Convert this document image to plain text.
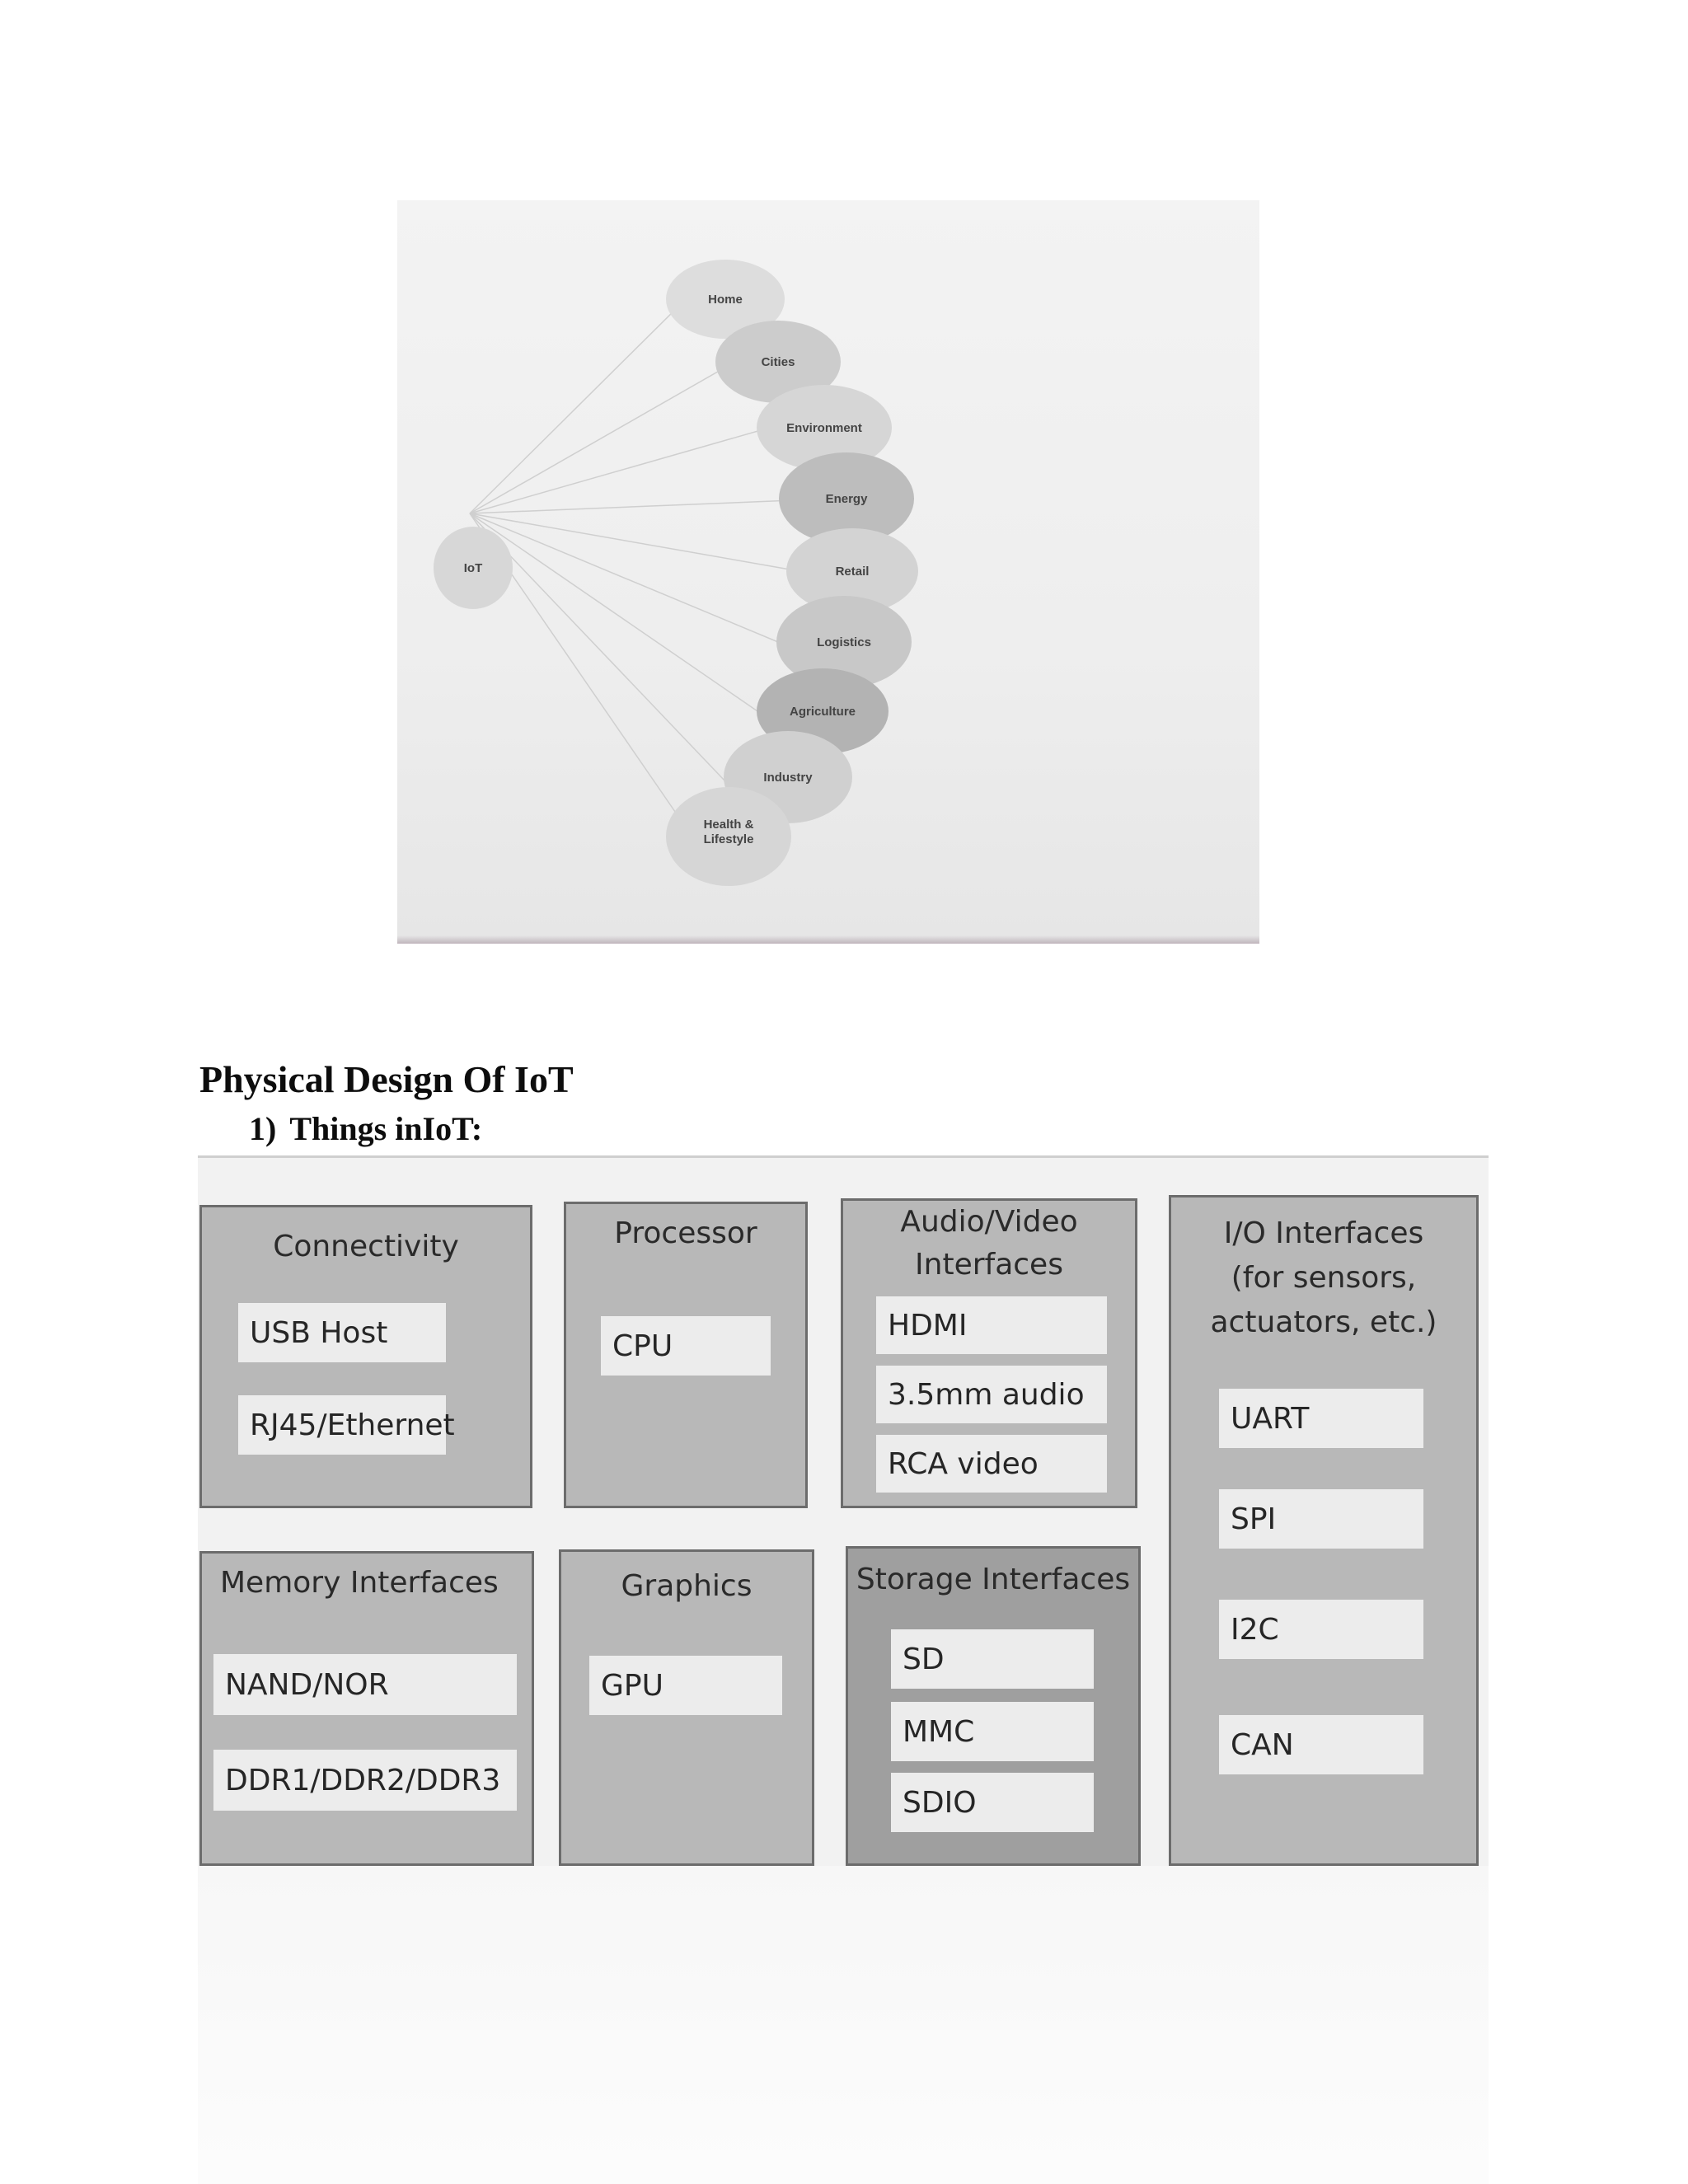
IoT
Home
Cities
Environment
Energy
Retail
Logistics
Agriculture
Industry
Health & Lifestyle
Physical Design Of IoT
1) Things inIoT:
Connectivity
USB Host
RJ45/Ethernet
Processor
CPU
Audio/Video
Interfaces
HDMI
3.5mm audio
RCA video
I/O Interfaces
(for sensors,
actuators, etc.)
UART
SPI
I2C
CAN
Memory Interfaces
NAND/NOR
DDR1/DDR2/DDR3
Graphics
GPU
Storage Interfaces
SD
MMC
SDIO
